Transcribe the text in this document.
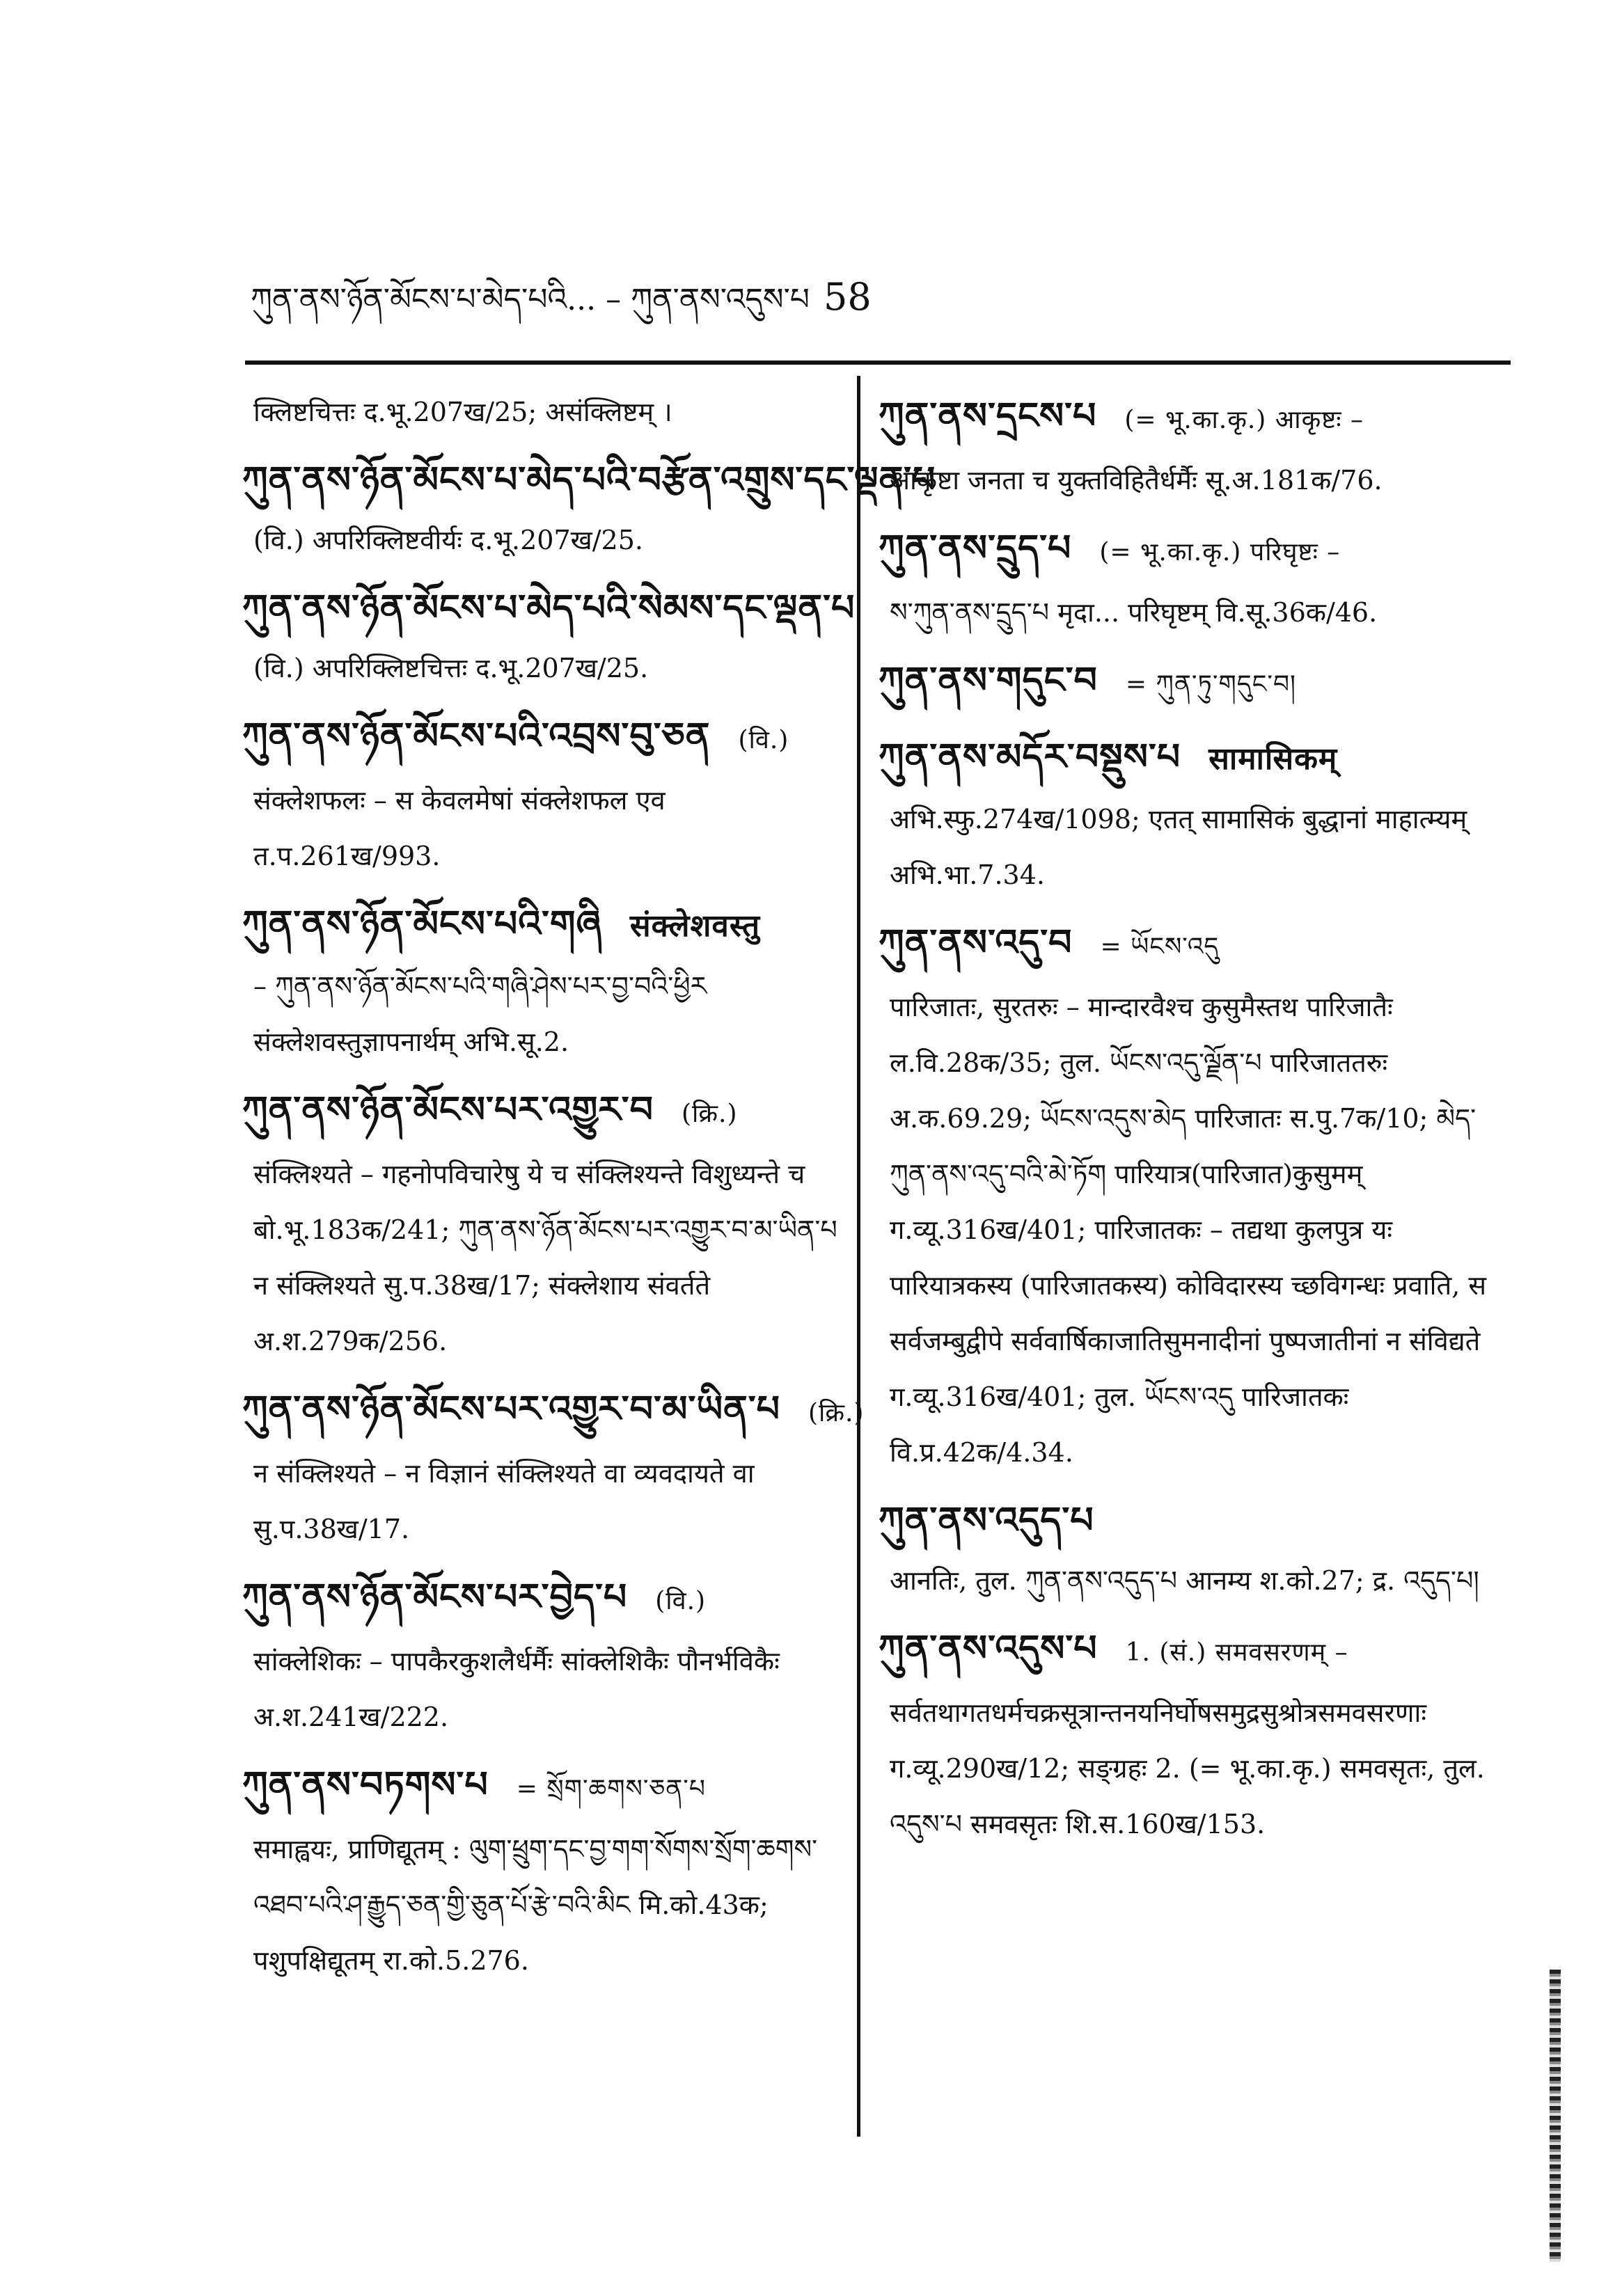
ཀུན་ནས་ཉོན་མོངས་པ་མེད་པའི... – ཀུན་ནས་འདུས་པ 58
क्लिष्टचित्तः द.भू.207ख/25; असंक्लिष्टम् ।
ཀུན་ནས་ཉོན་མོངས་པ་མེད་པའི་བརྩོན་འགྲུས་དང་ལྡན་པ
(वि.) अपरिक्लिष्टवीर्यः द.भू.207ख/25.
ཀུན་ནས་ཉོན་མོངས་པ་མེད་པའི་སེམས་དང་ལྡན་པ
(वि.) अपरिक्लिष्टचित्तः द.भू.207ख/25.
ཀུན་ནས་ཉོན་མོངས་པའི་འབྲས་བུ་ཅན (वि.)
संक्लेशफलः – स केवलमेषां संक्लेशफल एव त.प.261ख/993.
ཀུན་ནས་ཉོན་མོངས་པའི་གཞི संक्लेशवस्तु
– ཀུན་ནས་ཉོན་མོངས་པའི་གཞི་ཤེས་པར་བྱ་བའི་ཕྱིར संक्लेशवस्तुज्ञापनार्थम् अभि.सू.2.
ཀུན་ནས་ཉོན་མོངས་པར་འགྱུར་བ (क्रि.)
संक्लिश्यते – गहनोपविचारेषु ये च संक्लिश्यन्ते विशुध्यन्ते च बो.भू.183क/241; ཀུན་ནས་ཉོན་མོངས་པར་འགྱུར་བ་མ་ཡིན་པ न संक्लिश्यते सु.प.38ख/17; संक्लेशाय संवर्तते अ.श.279क/256.
ཀུན་ནས་ཉོན་མོངས་པར་འགྱུར་བ་མ་ཡིན་པ (क्रि.)
न संक्लिश्यते – न विज्ञानं संक्लिश्यते वा व्यवदायते वा सु.प.38ख/17.
ཀུན་ནས་ཉོན་མོངས་པར་བྱེད་པ (वि.)
सांक्लेशिकः – पापकैरकुशलैर्धर्मैः सांक्लेशिकैः पौनर्भविकैः अ.श.241ख/222.
ཀུན་ནས་བཏགས་པ = སྲོག་ཆགས་ཅན་པ
समाह्वयः, प्राणिद्यूतम् : ལུག་ཕྲུག་དང་བྱ་གག་སོགས་སྲོག་ཆགས་འཐབ་པའི་ཤ་རྒྱུད་ཅན་གྱི་ཅུན་པོ་རྩེ་བའི་མིང मि.को.43क; पशुपक्षिद्यूतम् रा.को.5.276.
ཀུན་ནས་དྲངས་པ (= भू.का.कृ.) आकृष्टः –
आकृष्टा जनता च युक्तविहितैर्धर्मैः सू.अ.181क/76.
ཀུན་ནས་དྲུད་པ (= भू.का.कृ.) परिघृष्टः –
ས་ཀུན་ནས་དྲུད་པ मृदा... परिघृष्टम् वि.सू.36क/46.
ཀུན་ནས་གདུང་བ = ཀུན་ཏུ་གདུང་བ།
ཀུན་ནས་མདོར་བསྡུས་པ सामासिकम्
अभि.स्फु.274ख/1098; एतत् सामासिकं बुद्धानां माहात्म्यम् अभि.भा.7.34.
ཀུན་ནས་འདུ་བ = ཡོངས་འདུ
पारिजातः, सुरतरुः – मान्दारवैश्च कुसुमैस्तथ पारिजातैः ल.वि.28क/35; तुल. ཡོངས་འདུ་ལྗོན་པ पारिजाततरुः अ.क.69.29; ཡོངས་འདུས་མེད पारिजातः स.पु.7क/10; མེད་ཀུན་ནས་འདུ་བའི་མེ་ཏོག पारियात्र(पारिजात)कुसुमम् ग.व्यू.316ख/401; पारिजातकः – तद्यथा कुलपुत्र यः पारियात्रकस्य (पारिजातकस्य) कोविदारस्य च्छविगन्धः प्रवाति, स सर्वजम्बुद्वीपे सर्ववार्षिकाजातिसुमनादीनां पुष्पजातीनां न संविद्यते ग.व्यू.316ख/401; तुल. ཡོངས་འདུ पारिजातकः वि.प्र.42क/4.34.
ཀུན་ནས་འདུད་པ
आनतिः, तुल. ཀུན་ནས་འདུད་པ आनम्य श.को.27; द्र. འདུད་པ།
ཀུན་ནས་འདུས་པ 1. (सं.) समवसरणम् –
सर्वतथागतधर्मचक्रसूत्रान्तनयनिर्घोषसमुद्रसुश्रोत्रसमवसरणाः ग.व्यू.290ख/12; सङ्ग्रहः 2. (= भू.का.कृ.) समवसृतः, तुल. འདུས་པ समवसृतः शि.स.160ख/153.
